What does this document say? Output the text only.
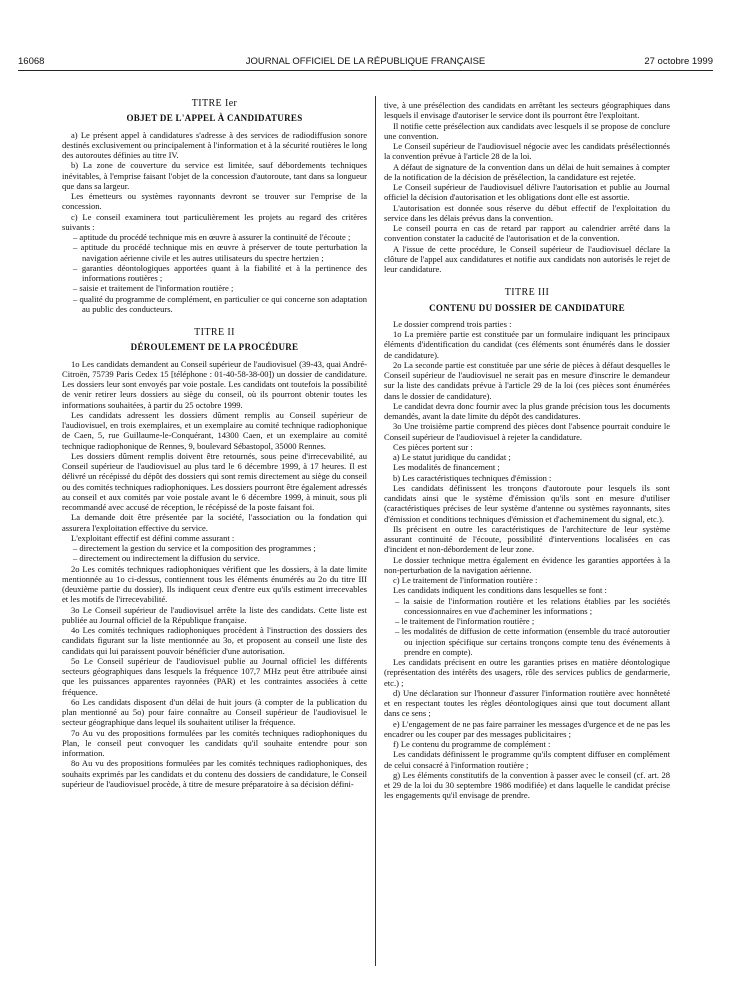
16068	JOURNAL OFFICIEL DE LA RÉPUBLIQUE FRANÇAISE	27 octobre 1999

TITRE Ier

OBJET DE L'APPEL À CANDIDATURES

a) Le présent appel à candidatures s'adresse à des services de radiodiffusion sonore destinés exclusivement ou principalement à l'information et à la sécurité routières le long des autoroutes définies au titre IV.

b) La zone de couverture du service est limitée, sauf débordements techniques inévitables, à l'emprise faisant l'objet de la concession d'autoroute, tant dans sa longueur que dans sa largeur.

Les émetteurs ou systèmes rayonnants devront se trouver sur l'emprise de la concession.

c) Le conseil examinera tout particulièrement les projets au regard des critères suivants :

– aptitude du procédé technique mis en œuvre à assurer la continuité de l'écoute ;

– aptitude du procédé technique mis en œuvre à préserver de toute perturbation la navigation aérienne civile et les autres utilisateurs du spectre hertzien ;

– garanties déontologiques apportées quant à la fiabilité et à la pertinence des informations routières ;

– saisie et traitement de l'information routière ;

– qualité du programme de complément, en particulier ce qui concerne son adaptation au public des conducteurs.

TITRE II

DÉROULEMENT DE LA PROCÉDURE

1o Les candidats demandent au Conseil supérieur de l'audiovisuel (39-43, quai André-Citroën, 75739 Paris Cedex 15 [téléphone : 01-40-58-38-00]) un dossier de candidature. Les dossiers leur sont envoyés par voie postale. Les candidats ont toutefois la possibilité de venir retirer leurs dossiers au siège du conseil, où ils pourront obtenir toutes les informations souhaitées, à partir du 25 octobre 1999.

Les candidats adressent les dossiers dûment remplis au Conseil supérieur de l'audiovisuel, en trois exemplaires, et un exemplaire au comité technique radiophonique de Caen, 5, rue Guillaume-le-Conquérant, 14300 Caen, et un exemplaire au comité technique radiophonique de Rennes, 9, boulevard Sébastopol, 35000 Rennes.

Les dossiers dûment remplis doivent être retournés, sous peine d'irrecevabilité, au Conseil supérieur de l'audiovisuel au plus tard le 6 décembre 1999, à 17 heures. Il est délivré un récépissé du dépôt des dossiers qui sont remis directement au siège du conseil ou des comités techniques radiophoniques. Les dossiers pourront être également adressés au conseil et aux comités par voie postale avant le 6 décembre 1999, à minuit, sous pli recommandé avec accusé de réception, le récépissé de la poste faisant foi.

La demande doit être présentée par la société, l'association ou la fondation qui assurera l'exploitation effective du service.

L'exploitant effectif est défini comme assurant :

– directement la gestion du service et la composition des programmes ;

– directement ou indirectement la diffusion du service.

2o Les comités techniques radiophoniques vérifient que les dossiers, à la date limite mentionnée au 1o ci-dessus, contiennent tous les éléments énumérés au 2o du titre III (deuxième partie du dossier). Ils indiquent ceux d'entre eux qu'ils estiment irrecevables et les motifs de l'irrecevabilité.

3o Le Conseil supérieur de l'audiovisuel arrête la liste des candidats. Cette liste est publiée au Journal officiel de la République française.

4o Les comités techniques radiophoniques procèdent à l'instruction des dossiers des candidats figurant sur la liste mentionnée au 3o, et proposent au conseil une liste des candidats qui lui paraissent pouvoir bénéficier d'une autorisation.

5o Le Conseil supérieur de l'audiovisuel publie au Journal officiel les différents secteurs géographiques dans lesquels la fréquence 107,7 MHz peut être attribuée ainsi que les puissances apparentes rayonnées (PAR) et les contraintes associées à cette fréquence.

6o Les candidats disposent d'un délai de huit jours (à compter de la publication du plan mentionné au 5o) pour faire connaître au Conseil supérieur de l'audiovisuel le secteur géographique dans lequel ils souhaitent utiliser la fréquence.

7o Au vu des propositions formulées par les comités techniques radiophoniques du Plan, le conseil peut convoquer les candidats qu'il souhaite entendre pour son information.

8o Au vu des propositions formulées par les comités techniques radiophoniques, des souhaits exprimés par les candidats et du contenu des dossiers de candidature, le Conseil supérieur de l'audiovisuel procède, à titre de mesure préparatoire à sa décision défini-

tive, à une présélection des candidats en arrêtant les secteurs géographiques dans lesquels il envisage d'autoriser le service dont ils pourront être l'exploitant.

Il notifie cette présélection aux candidats avec lesquels il se propose de conclure une convention.

Le Conseil supérieur de l'audiovisuel négocie avec les candidats présélectionnés la convention prévue à l'article 28 de la loi.

A défaut de signature de la convention dans un délai de huit semaines à compter de la notification de la décision de présélection, la candidature est rejetée.

Le Conseil supérieur de l'audiovisuel délivre l'autorisation et publie au Journal officiel la décision d'autorisation et les obligations dont elle est assortie.

L'autorisation est donnée sous réserve du début effectif de l'exploitation du service dans les délais prévus dans la convention.

Le conseil pourra en cas de retard par rapport au calendrier arrêté dans la convention constater la caducité de l'autorisation et de la convention.

A l'issue de cette procédure, le Conseil supérieur de l'audiovisuel déclare la clôture de l'appel aux candidatures et notifie aux candidats non autorisés le rejet de leur candidature.

TITRE III

CONTENU DU DOSSIER DE CANDIDATURE

Le dossier comprend trois parties :

1o La première partie est constituée par un formulaire indiquant les principaux éléments d'identification du candidat (ces éléments sont énumérés dans le dossier de candidature).

2o La seconde partie est constituée par une série de pièces à défaut desquelles le Conseil supérieur de l'audiovisuel ne serait pas en mesure d'inscrire le demandeur sur la liste des candidats prévue à l'article 29 de la loi (ces pièces sont énumérées dans le dossier de candidature).

Le candidat devra donc fournir avec la plus grande précision tous les documents demandés, avant la date limite du dépôt des candidatures.

3o Une troisième partie comprend des pièces dont l'absence pourrait conduire le Conseil supérieur de l'audiovisuel à rejeter la candidature.

Ces pièces portent sur :

a) Le statut juridique du candidat ;

Les modalités de financement ;

b) Les caractéristiques techniques d'émission :

Les candidats définissent les tronçons d'autoroute pour lesquels ils sont candidats ainsi que le système d'émission qu'ils sont en mesure d'utiliser (caractéristiques précises de leur système d'antenne ou systèmes rayonnants, sites d'émission et conditions techniques d'émission et d'acheminement du signal, etc.).

Ils précisent en outre les caractéristiques de l'architecture de leur système assurant continuité de l'écoute, possibilité d'interventions localisées en cas d'incident et non-débordement de leur zone.

Le dossier technique mettra également en évidence les garanties apportées à la non-perturbation de la navigation aérienne.

c) Le traitement de l'information routière :

Les candidats indiquent les conditions dans lesquelles se font :

– la saisie de l'information routière et les relations établies par les sociétés concessionnaires en vue d'acheminer les informations ;

– le traitement de l'information routière ;

– les modalités de diffusion de cette information (ensemble du tracé autoroutier ou injection spécifique sur certains tronçons compte tenu des événements à prendre en compte).

Les candidats précisent en outre les garanties prises en matière déontologique (représentation des intérêts des usagers, rôle des services publics de gendarmerie, etc.) ;

d) Une déclaration sur l'honneur d'assurer l'information routière avec honnêteté et en respectant toutes les règles déontologiques ainsi que tout document allant dans ce sens ;

e) L'engagement de ne pas faire parrainer les messages d'urgence et de ne pas les encadrer ou les couper par des messages publicitaires ;

f) Le contenu du programme de complément :

Les candidats définissent le programme qu'ils comptent diffuser en complément de celui consacré à l'information routière ;

g) Les éléments constitutifs de la convention à passer avec le conseil (cf. art. 28 et 29 de la loi du 30 septembre 1986 modifiée) et dans laquelle le candidat précise les engagements qu'il envisage de prendre.
